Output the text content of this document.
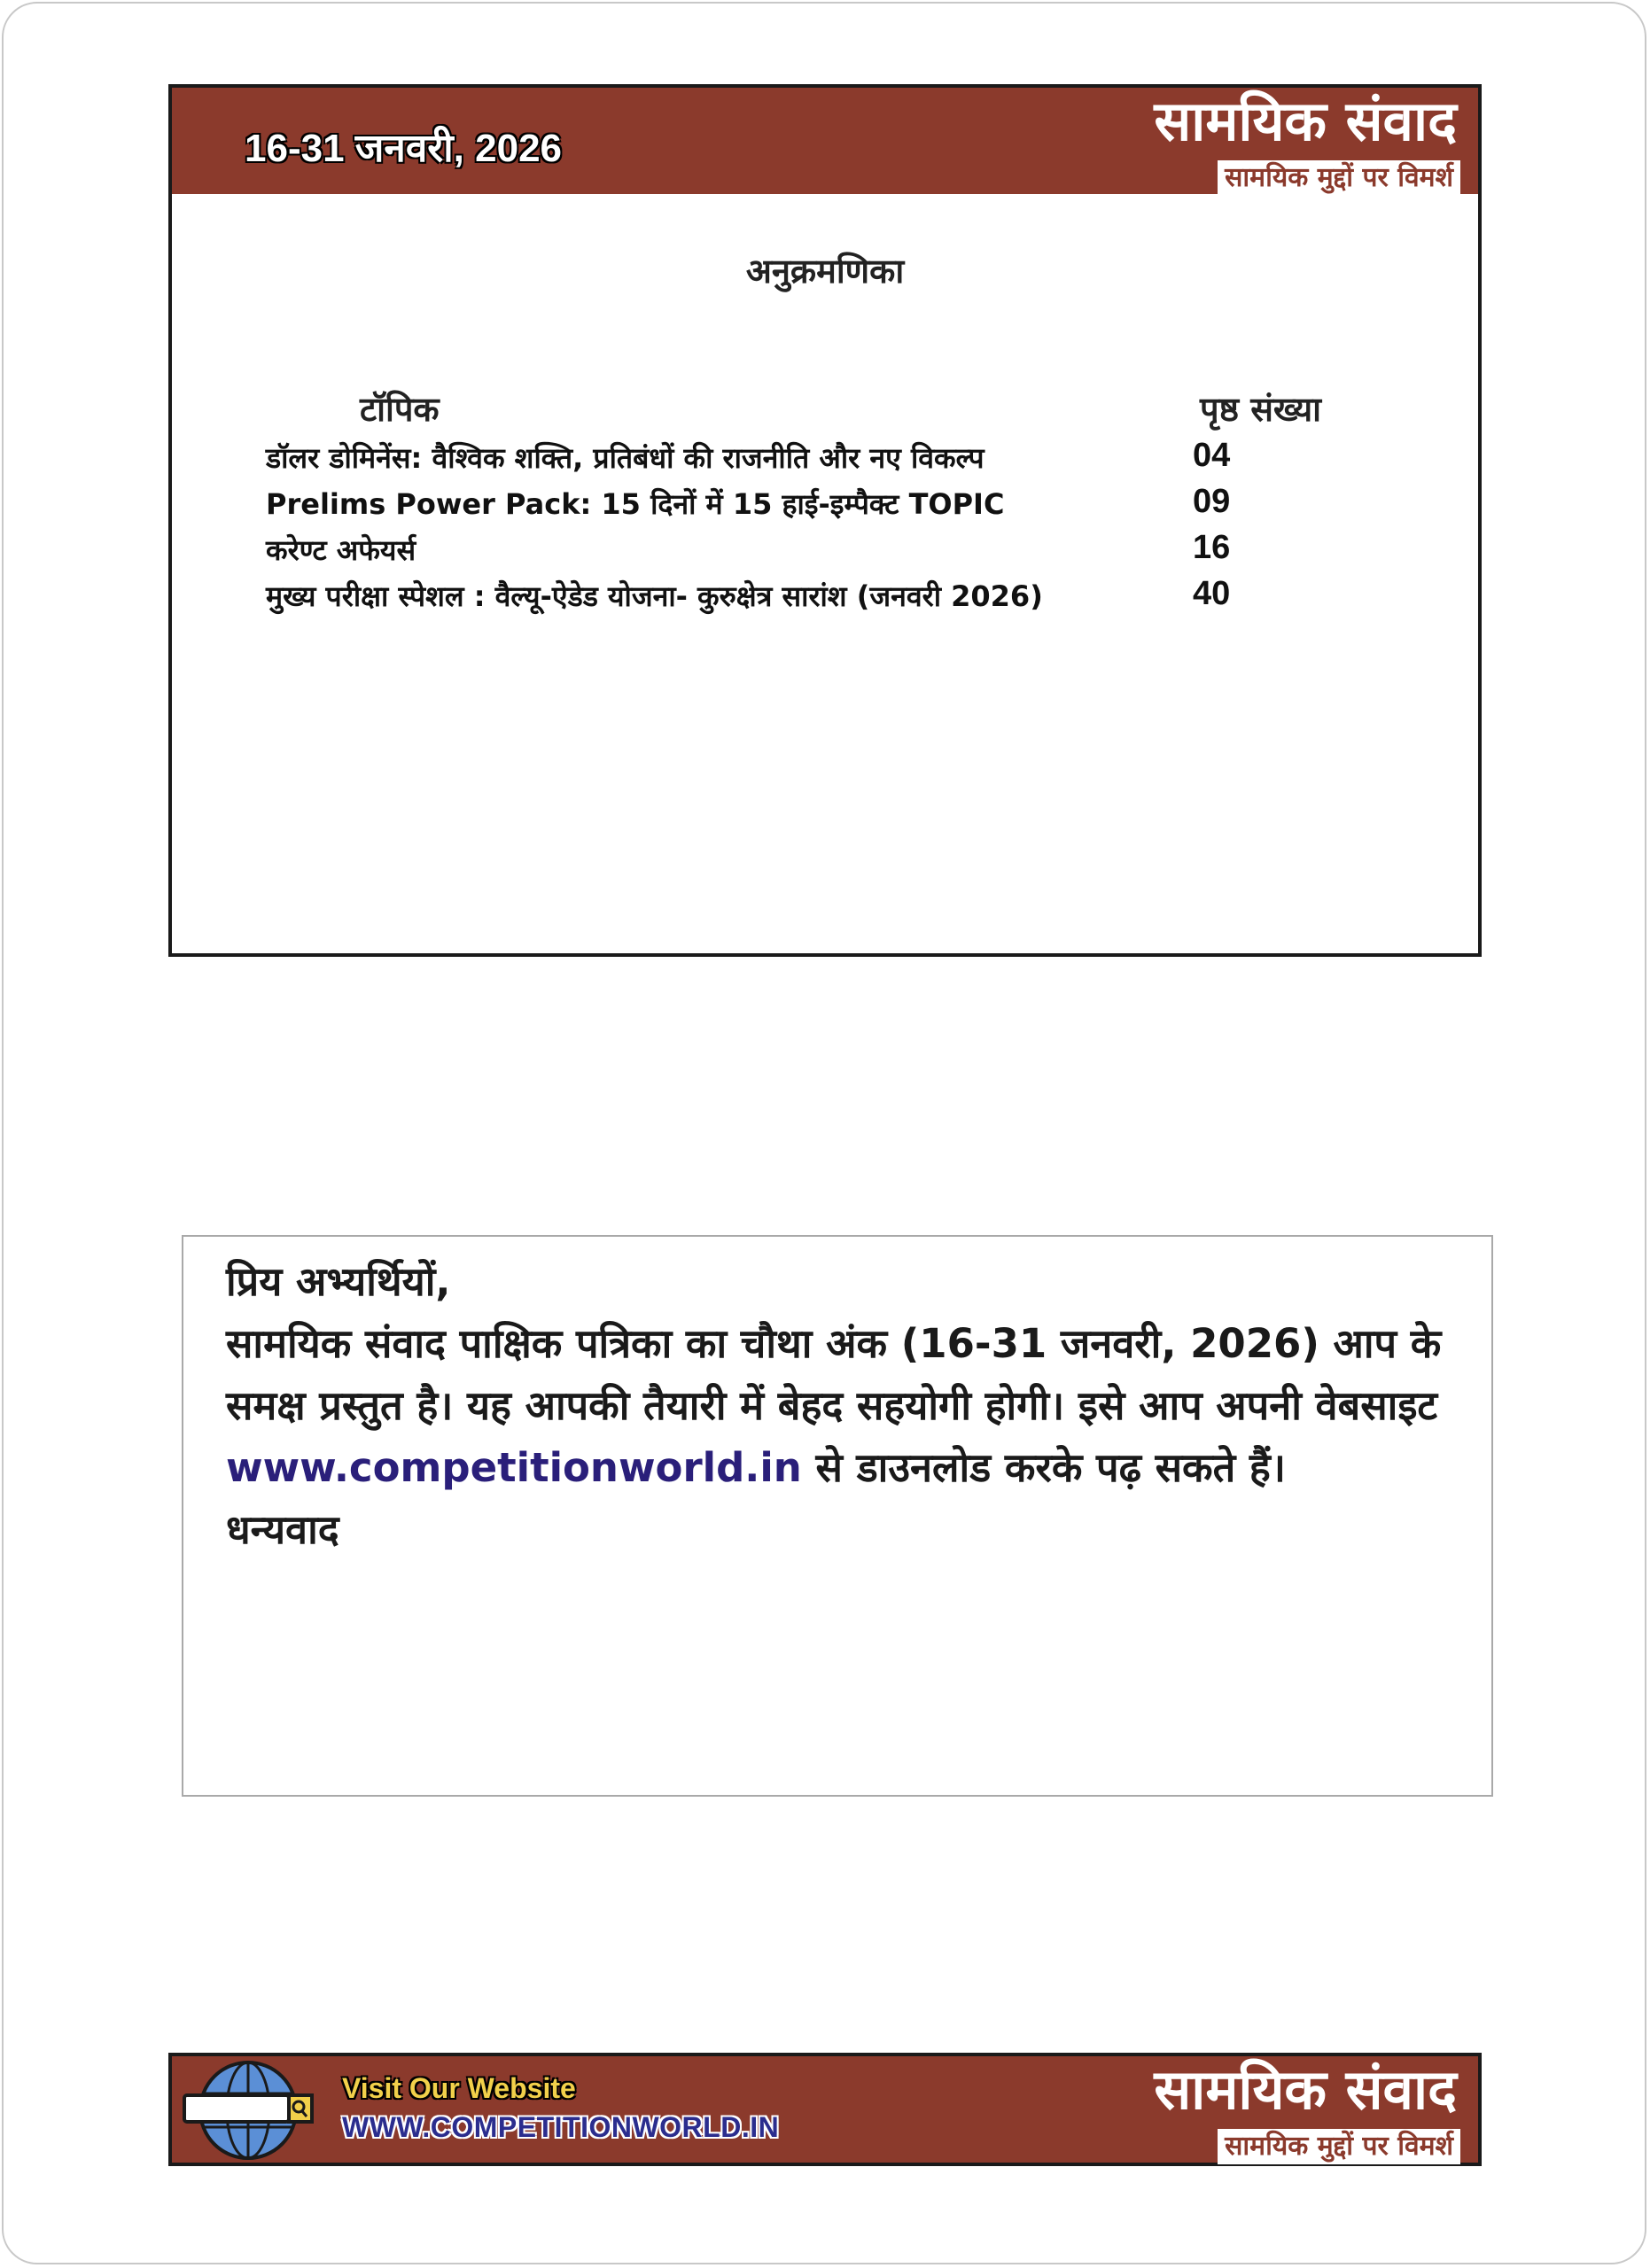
16-31 जनवरी, 2026	सामयिक संवाद
सामयिक मुद्दों पर विमर्श
अनुक्रमणिका
टॉपिक	पृष्ठ संख्या
डॉलर डोमिनेंस: वैश्विक शक्ति, प्रतिबंधों की राजनीति और नए विकल्प	04
Prelims Power Pack: 15 दिनों में 15 हाई-इम्पैक्ट TOPIC	09
करेण्ट अफेयर्स	16
मुख्य परीक्षा स्पेशल : वैल्यू-ऐडेड योजना- कुरुक्षेत्र सारांश (जनवरी 2026)	40
प्रिय अभ्यर्थियों,
सामयिक संवाद पाक्षिक पत्रिका का चौथा अंक (16-31 जनवरी, 2026) आप के समक्ष प्रस्तुत है। यह आपकी तैयारी में बेहद सहयोगी होगी। इसे आप अपनी वेबसाइट www.competitionworld.in से डाउनलोड करके पढ़ सकते हैं।
धन्यवाद
Visit Our Website
WWW.COMPETITIONWORLD.IN
सामयिक संवाद
सामयिक मुद्दों पर विमर्श
